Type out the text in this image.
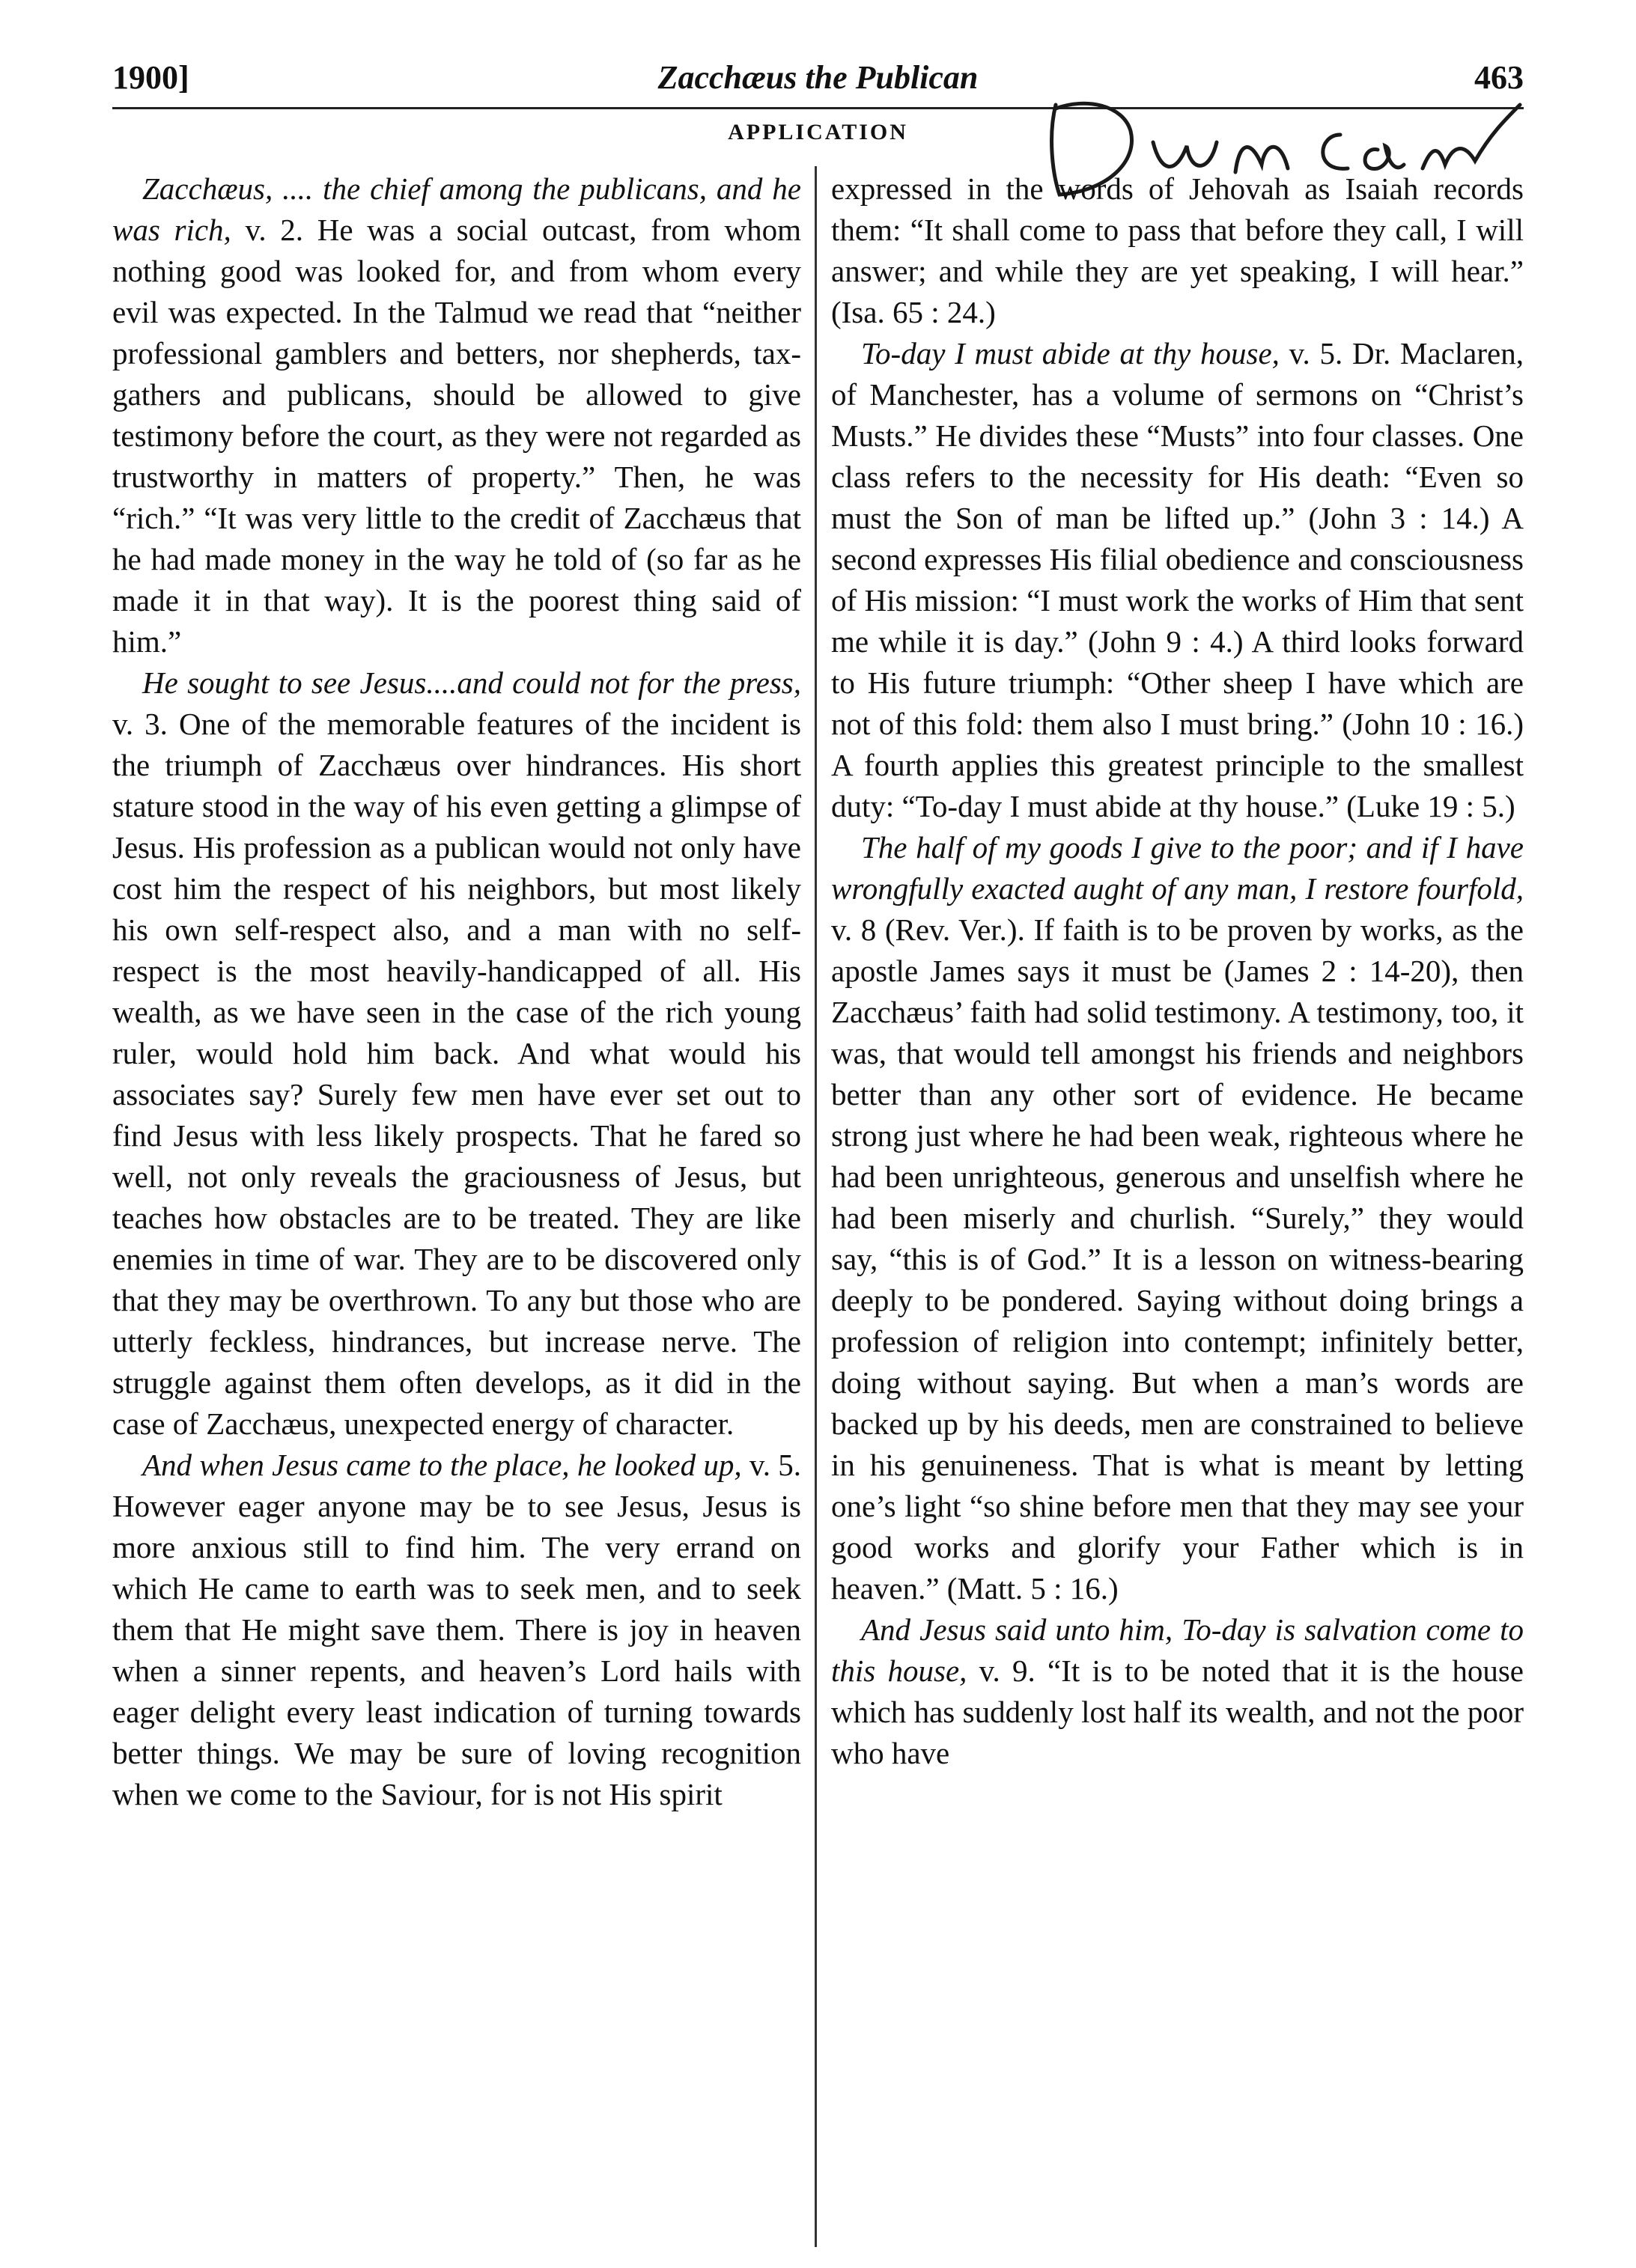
1900]	Zacchæus the Publican	463
APPLICATION

Zacchæus, .... the chief among the publicans, and he was rich, v. 2. He was a social outcast, from whom nothing good was looked for, and from whom every evil was expected. In the Talmud we read that “neither professional gamblers and betters, nor shepherds, tax-gathers and publicans, should be allowed to give testimony before the court, as they were not regarded as trustworthy in matters of property.” Then, he was “rich.” “It was very little to the credit of Zacchæus that he had made money in the way he told of (so far as he made it in that way). It is the poorest thing said of him.”

He sought to see Jesus....and could not for the press, v. 3. One of the memorable features of the incident is the triumph of Zacchæus over hindrances. His short stature stood in the way of his even getting a glimpse of Jesus. His profession as a publican would not only have cost him the respect of his neighbors, but most likely his own self-respect also, and a man with no self-respect is the most heavily-handicapped of all. His wealth, as we have seen in the case of the rich young ruler, would hold him back. And what would his associates say? Surely few men have ever set out to find Jesus with less likely prospects. That he fared so well, not only reveals the graciousness of Jesus, but teaches how obstacles are to be treated. They are like enemies in time of war. They are to be discovered only that they may be overthrown. To any but those who are utterly feckless, hindrances, but increase nerve. The struggle against them often develops, as it did in the case of Zacchæus, unexpected energy of character.

And when Jesus came to the place, he looked up, v. 5. However eager anyone may be to see Jesus, Jesus is more anxious still to find him. The very errand on which He came to earth was to seek men, and to seek them that He might save them. There is joy in heaven when a sinner repents, and heaven’s Lord hails with eager delight every least indication of turning towards better things. We may be sure of loving recognition when we come to the Saviour, for is not His spirit

expressed in the words of Jehovah as Isaiah records them: “It shall come to pass that before they call, I will answer; and while they are yet speaking, I will hear.” (Isa. 65 : 24.)

To-day I must abide at thy house, v. 5. Dr. Maclaren, of Manchester, has a volume of sermons on “Christ’s Musts.” He divides these “Musts” into four classes. One class refers to the necessity for His death: “Even so must the Son of man be lifted up.” (John 3 : 14.) A second expresses His filial obedience and consciousness of His mission: “I must work the works of Him that sent me while it is day.” (John 9 : 4.) A third looks forward to His future triumph: “Other sheep I have which are not of this fold: them also I must bring.” (John 10 : 16.) A fourth applies this greatest principle to the smallest duty: “To-day I must abide at thy house.” (Luke 19 : 5.)

The half of my goods I give to the poor; and if I have wrongfully exacted aught of any man, I restore fourfold, v. 8 (Rev. Ver.). If faith is to be proven by works, as the apostle James says it must be (James 2 : 14-20), then Zacchæus’ faith had solid testimony. A testimony, too, it was, that would tell amongst his friends and neighbors better than any other sort of evidence. He became strong just where he had been weak, righteous where he had been unrighteous, generous and unselfish where he had been miserly and churlish. “Surely,” they would say, “this is of God.” It is a lesson on witness-bearing deeply to be pondered. Saying without doing brings a profession of religion into contempt; infinitely better, doing without saying. But when a man’s words are backed up by his deeds, men are constrained to believe in his genuineness. That is what is meant by letting one’s light “so shine before men that they may see your good works and glorify your Father which is in heaven.” (Matt. 5 : 16.)

And Jesus said unto him, To-day is salvation come to this house, v. 9. “It is to be noted that it is the house which has suddenly lost half its wealth, and not the poor who have
